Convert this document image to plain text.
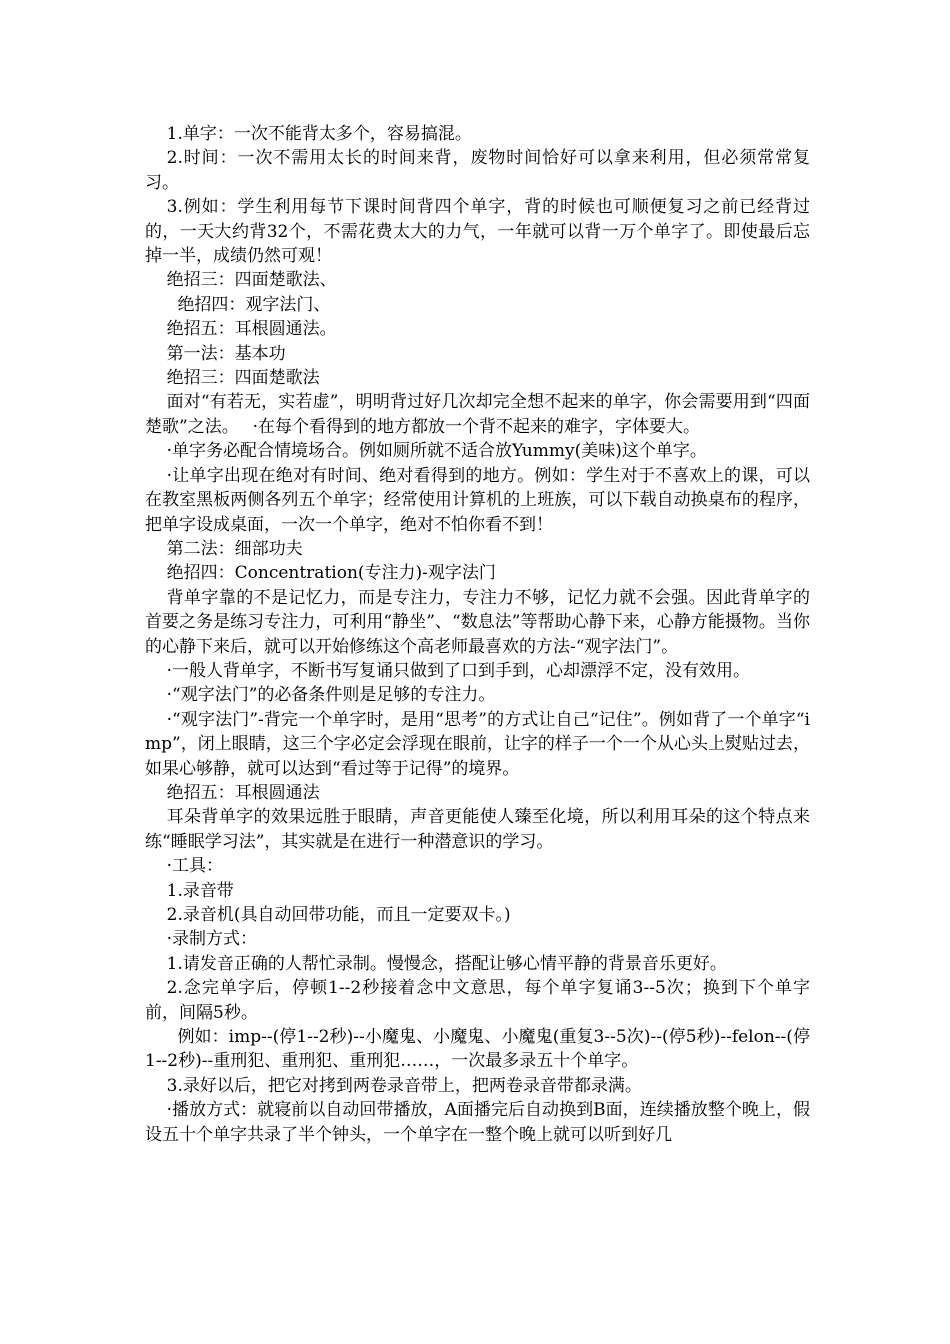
1.单字：一次不能背太多个，容易搞混。

2.时间：一次不需用太长的时间来背，废物时间恰好可以拿来利用，但必须常常复习。

3.例如：学生利用每节下课时间背四个单字，背的时候也可顺便复习之前已经背过的，一天大约背32个，不需花费太大的力气，一年就可以背一万个单字了。即使最后忘掉一半，成绩仍然可观！

绝招三：四面楚歌法、

绝招四：观字法门、

绝招五：耳根圆通法。

第一法：基本功

绝招三：四面楚歌法

面对“有若无，实若虚”，明明背过好几次却完全想不起来的单字，你会需要用到“四面楚歌”之法。　 ·在每个看得到的地方都放一个背不起来的难字，字体要大。

·单字务必配合情境场合。例如厕所就不适合放Yummy(美味)这个单字。

·让单字出现在绝对有时间、绝对看得到的地方。例如：学生对于不喜欢上的课，可以在教室黑板两侧各列五个单字；经常使用计算机的上班族，可以下载自动换桌布的程序，把单字设成桌面，一次一个单字，绝对不怕你看不到！

第二法：细部功夫

绝招四：Concentration(专注力)-观字法门

背单字靠的不是记忆力，而是专注力，专注力不够，记忆力就不会强。因此背单字的首要之务是练习专注力，可利用“静坐”、“数息法”等帮助心静下来，心静方能摄物。当你的心静下来后，就可以开始修练这个高老师最喜欢的方法-“观字法门”。

·一般人背单字，不断书写复诵只做到了口到手到，心却漂浮不定，没有效用。

·“观字法门”的必备条件则是足够的专注力。

·“观字法门”-背完一个单字时，是用“思考”的方式让自己“记住”。例如背了一个单字“imp”，闭上眼睛，这三个字必定会浮现在眼前，让字的样子一个一个从心头上熨贴过去，如果心够静，就可以达到“看过等于记得”的境界。

绝招五：耳根圆通法

耳朵背单字的效果远胜于眼睛，声音更能使人臻至化境，所以利用耳朵的这个特点来练“睡眠学习法”，其实就是在进行一种潜意识的学习。

·工具：

1.录音带

2.录音机(具自动回带功能，而且一定要双卡。)

·录制方式：

1.请发音正确的人帮忙录制。慢慢念，搭配让够心情平静的背景音乐更好。

2.念完单字后，停顿1--2秒接着念中文意思，每个单字复诵3--5次；换到下个单字前，间隔5秒。

例如：imp--(停1--2秒)--小魔鬼、小魔鬼、小魔鬼(重复3--5次)--(停5秒)--felon--(停1--2秒)--重刑犯、重刑犯、重刑犯……，一次最多录五十个单字。

3.录好以后，把它对拷到两卷录音带上，把两卷录音带都录满。

·播放方式：就寝前以自动回带播放，A面播完后自动换到B面，连续播放整个晚上，假设五十个单字共录了半个钟头，一个单字在一整个晚上就可以听到好几
